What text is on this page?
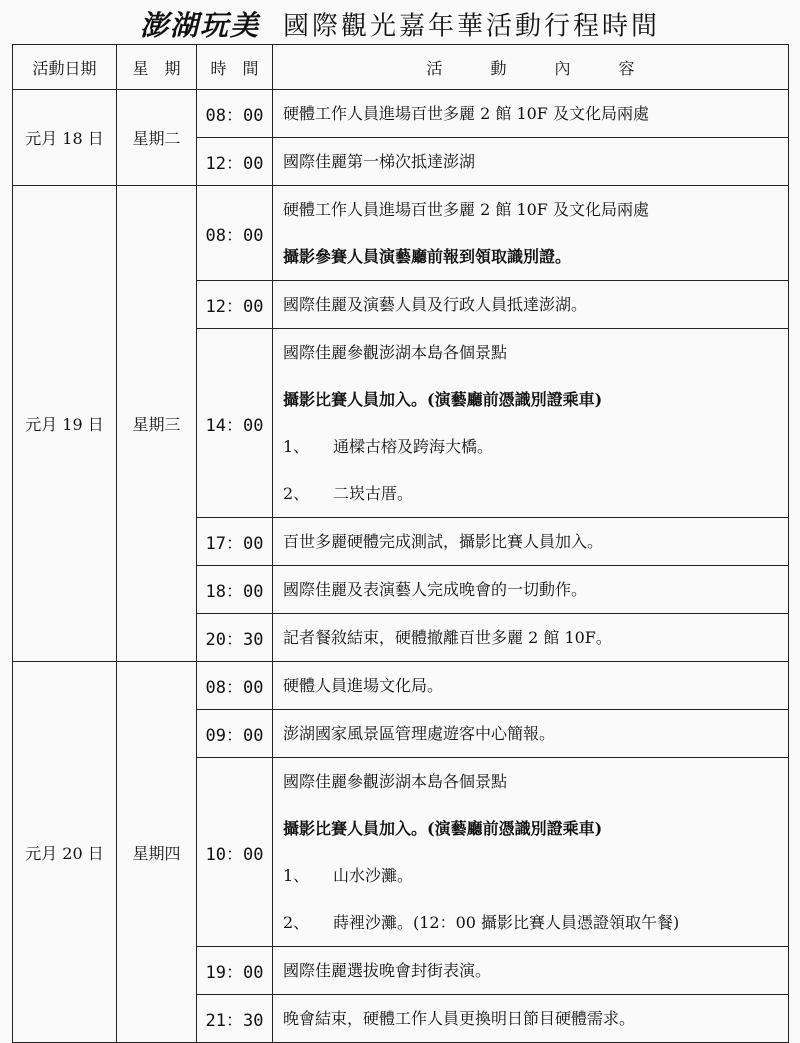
澎湖玩美 國際觀光嘉年華活動行程時間
活動日期	星　期	時　間	活　　　動　　　內　　　容
元月 18 日	星期二	08：00	硬體工作人員進場百世多麗 2 館 10F 及文化局兩處

		12：00	國際佳麗第一梯次抵達澎湖

元月 19 日	星期三	08：00	硬體工作人員進場百世多麗 2 館 10F 及文化局兩處
攝影參賽人員演藝廳前報到領取識別證。

		12：00	國際佳麗及演藝人員及行政人員抵達澎湖。

		14：00	國際佳麗參觀澎湖本島各個景點
攝影比賽人員加入。(演藝廳前憑識別證乘車)
1、 通樑古榕及跨海大橋。
2、 二崁古厝。

		17：00	百世多麗硬體完成測試，攝影比賽人員加入。

		18：00	國際佳麗及表演藝人完成晚會的一切動作。

		20：30	記者餐敘結束，硬體撤離百世多麗 2 館 10F。

元月 20 日	星期四	08：00	硬體人員進場文化局。

		09：00	澎湖國家風景區管理處遊客中心簡報。

		10：00	國際佳麗參觀澎湖本島各個景點
攝影比賽人員加入。(演藝廳前憑識別證乘車)
1、 山水沙灘。
2、 蒔裡沙灘。(12：00 攝影比賽人員憑證領取午餐)

		19：00	國際佳麗選拔晚會封街表演。

		21：30	晚會結束，硬體工作人員更換明日節目硬體需求。
